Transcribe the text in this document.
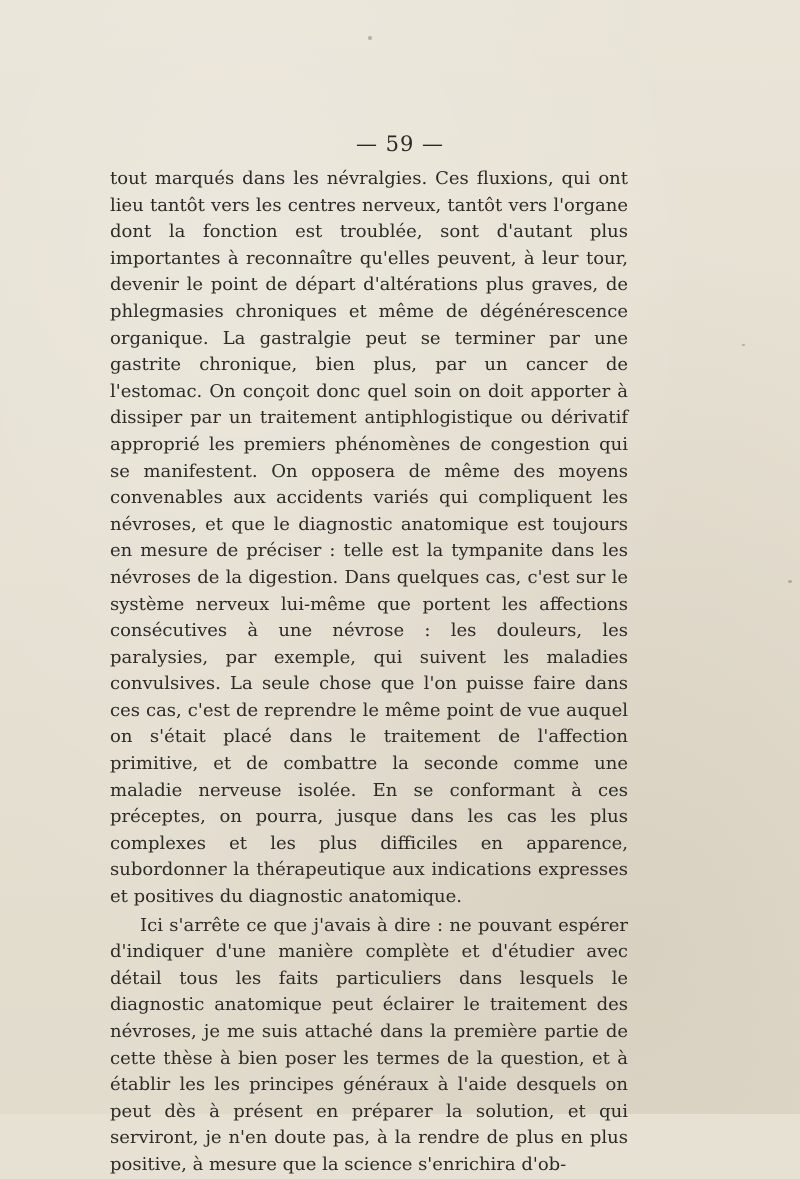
— 59 —

tout marqués dans les névralgies. Ces fluxions, qui ont lieu tantôt vers les centres nerveux, tantôt vers l'organe dont la fonction est troublée, sont d'autant plus importantes à reconnaître qu'elles peuvent, à leur tour, devenir le point de départ d'altérations plus graves, de phlegmasies chroniques et même de dégénérescence organique. La gastralgie peut se terminer par une gastrite chronique, bien plus, par un cancer de l'estomac. On conçoit donc quel soin on doit apporter à dissiper par un traitement antiphlogistique ou dérivatif approprié les premiers phénomènes de congestion qui se manifestent. On opposera de même des moyens convenables aux accidents variés qui compliquent les névroses, et que le diagnostic anatomique est toujours en mesure de préciser : telle est la tympanite dans les névroses de la digestion. Dans quelques cas, c'est sur le système nerveux lui-même que portent les affections consécutives à une névrose : les douleurs, les paralysies, par exemple, qui suivent les maladies convulsives. La seule chose que l'on puisse faire dans ces cas, c'est de reprendre le même point de vue auquel on s'était placé dans le traitement de l'affection primitive, et de combattre la seconde comme une maladie nerveuse isolée. En se conformant à ces préceptes, on pourra, jusque dans les cas les plus complexes et les plus difficiles en apparence, subordonner la thérapeutique aux indications expresses et positives du diagnostic anatomique.

Ici s'arrête ce que j'avais à dire : ne pouvant espérer d'indiquer d'une manière complète et d'étudier avec détail tous les faits particuliers dans lesquels le diagnostic anatomique peut éclairer le traitement des névroses, je me suis attaché dans la première partie de cette thèse à bien poser les termes de la question, et à établir les les principes généraux à l'aide desquels on peut dès à présent en préparer la solution, et qui serviront, je n'en doute pas, à la rendre de plus en plus positive, à mesure que la science s'enrichira d'ob-
